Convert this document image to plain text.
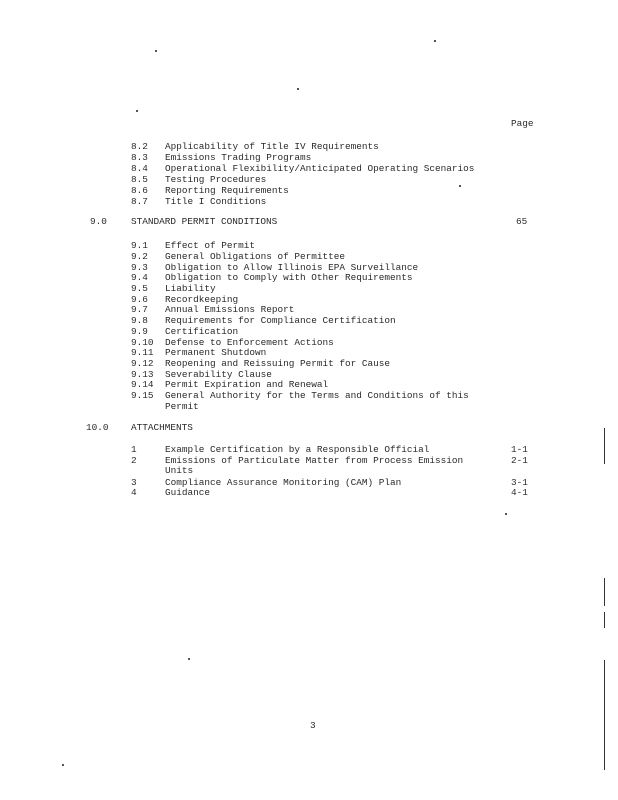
Page
8.2 Applicability of Title IV Requirements
8.3 Emissions Trading Programs
8.4 Operational Flexibility/Anticipated Operating Scenarios
8.5 Testing Procedures
8.6 Reporting Requirements
8.7 Title I Conditions
9.0	STANDARD PERMIT CONDITIONS	65
9.1 Effect of Permit
9.2 General Obligations of Permittee
9.3 Obligation to Allow Illinois EPA Surveillance
9.4 Obligation to Comply with Other Requirements
9.5 Liability
9.6 Recordkeeping
9.7 Annual Emissions Report
9.8 Requirements for Compliance Certification
9.9 Certification
9.10 Defense to Enforcement Actions
9.11 Permanent Shutdown
9.12 Reopening and Reissuing Permit for Cause
9.13 Severability Clause
9.14 Permit Expiration and Renewal
9.15 General Authority for the Terms and Conditions of this
Permit
10.0 ATTACHMENTS
1	Example Certification by a Responsible Official	1-1
2	Emissions of Particulate Matter from Process Emission	2-1
Units
3	Compliance Assurance Monitoring (CAM) Plan	3-1
4	Guidance	4-1
3
